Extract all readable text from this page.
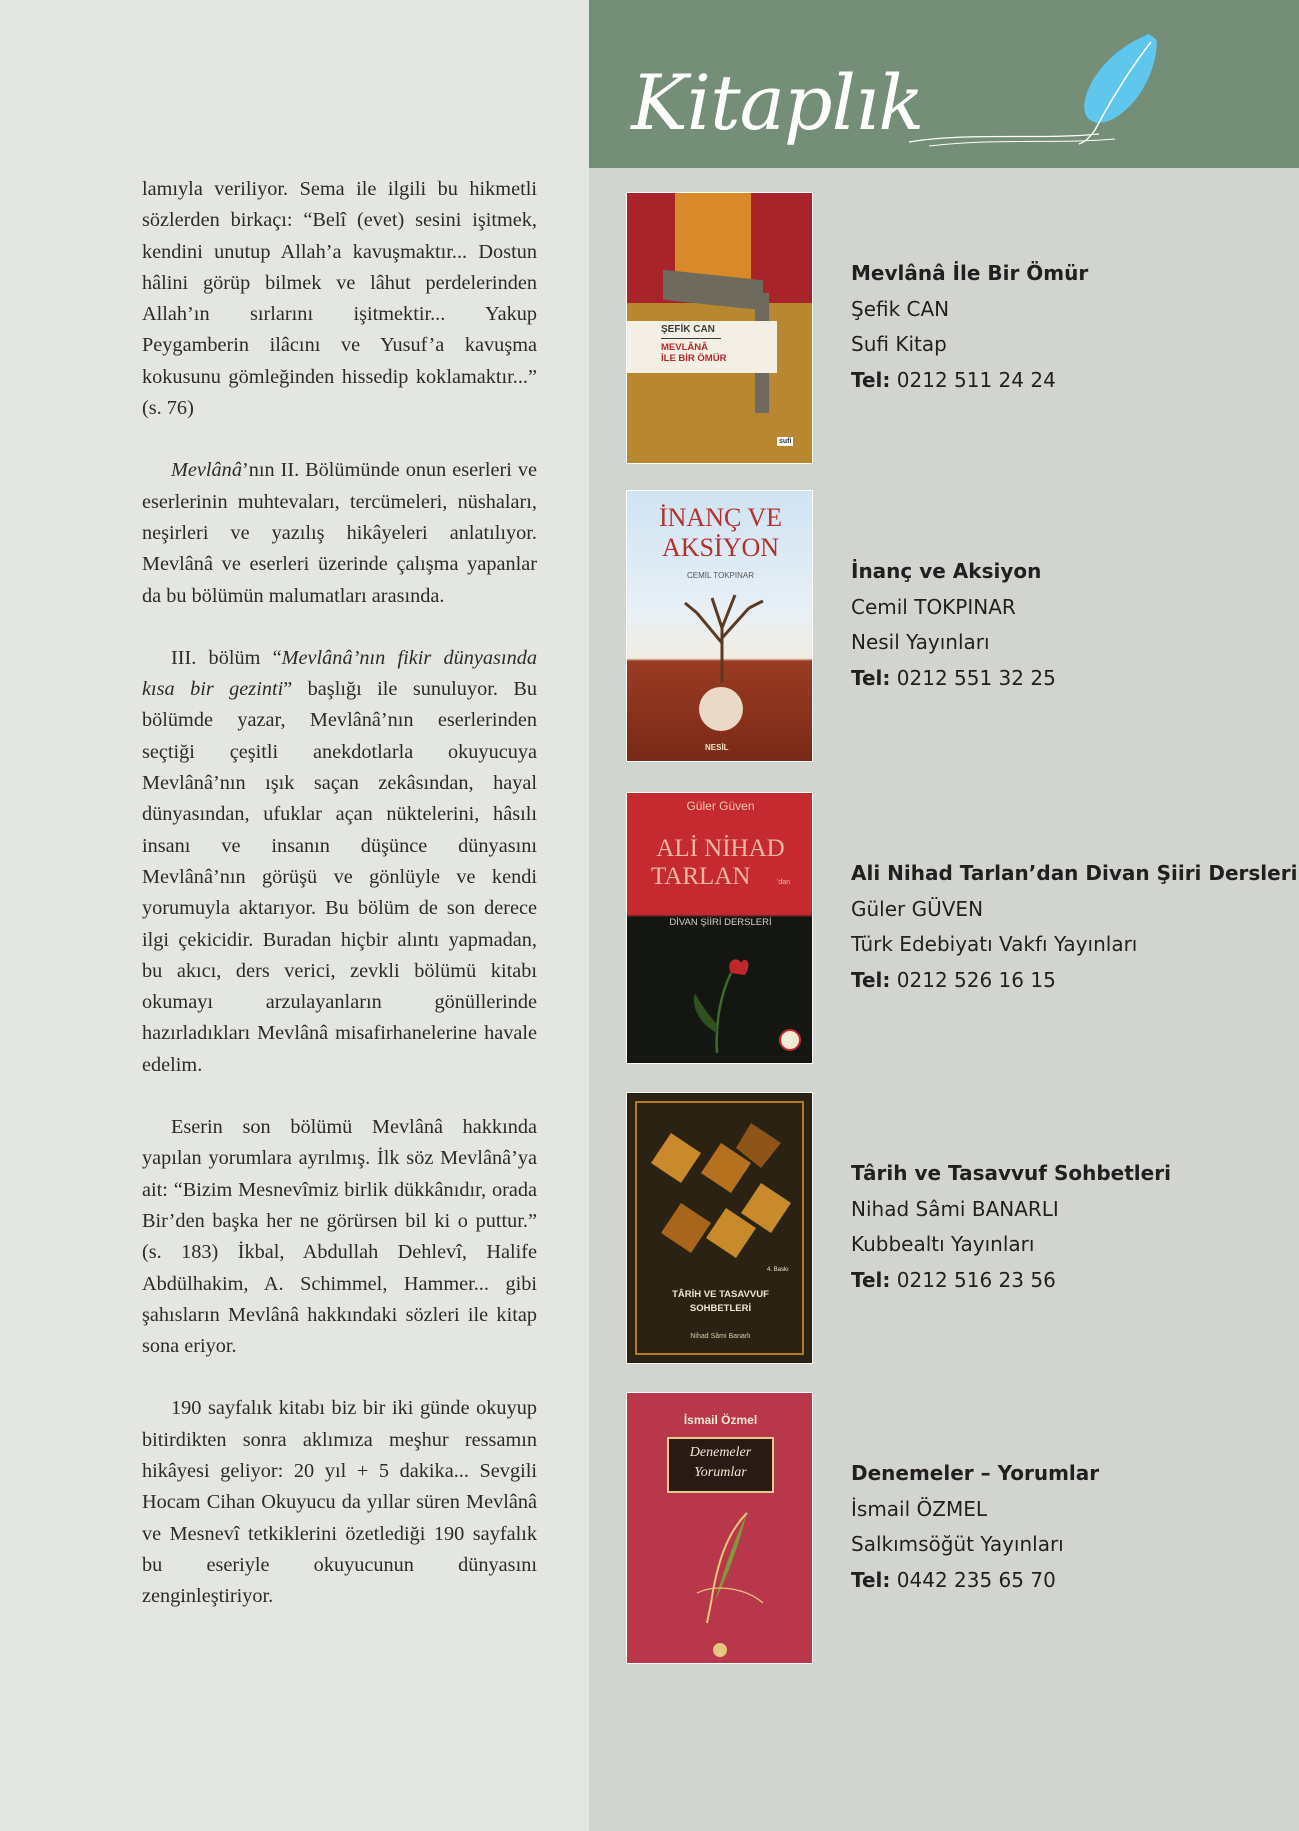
lamıyla veriliyor. Sema ile ilgili bu hikmetli sözlerden birkaçı: “Belî (evet) sesini işitmek, kendini unutup Allah’a kavuşmaktır... Dostun hâlini görüp bilmek ve lâhut perdelerinden Allah’ın sırlarını işitmektir... Yakup Peygamberin ilâcını ve Yusuf’a kavuşma kokusunu gömleğinden hissedip koklamaktır...” (s. 76)

Mevlânâ’nın II. Bölümünde onun eserleri ve eserlerinin muhtevaları, tercümeleri, nüshaları, neşirleri ve yazılış hikâyeleri anlatılıyor. Mevlânâ ve eserleri üzerinde çalışma yapanlar da bu bölümün malumatları arasında.

III. bölüm “Mevlânâ’nın fikir dünyasında kısa bir gezinti” başlığı ile sunuluyor. Bu bölümde yazar, Mevlânâ’nın eserlerinden seçtiği çeşitli anekdotlarla okuyucuya Mevlânâ’nın ışık saçan zekâsından, hayal dünyasından, ufuklar açan nüktelerini, hâsılı insanı ve insanın düşünce dünyasını Mevlânâ’nın görüşü ve gönlüyle ve kendi yorumuyla aktarıyor. Bu bölüm de son derece ilgi çekicidir. Buradan hiçbir alıntı yapmadan, bu akıcı, ders verici, zevkli bölümü kitabı okumayı arzulayanların gönüllerinde hazırladıkları Mevlânâ misafirhanelerine havale edelim.

Eserin son bölümü Mevlânâ hakkında yapılan yorumlara ayrılmış. İlk söz Mevlânâ’ya ait: “Bizim Mesnevîmiz birlik dükkânıdır, orada Bir’den başka her ne görürsen bil ki o puttur.” (s. 183) İkbal, Abdullah Dehlevî, Halife Abdülhakim, A. Schimmel, Hammer... gibi şahısların Mevlânâ hakkındaki sözleri ile kitap sona eriyor.

190 sayfalık kitabı biz bir iki günde okuyup bitirdikten sonra aklımıza meşhur ressamın hikâyesi geliyor: 20 yıl + 5 dakika... Sevgili Hocam Cihan Okuyucu da yıllar süren Mevlânâ ve Mesnevî tetkiklerini özetlediği 190 sayfalık bu eseriyle okuyucunun dünyasını zenginleştiriyor.

Kitaplık
ŞEFİK CAN
MEVLÂNÂ
İLE BİR ÖMÜR
sufi
Mevlânâ İle Bir Ömür
Şefik CAN
Sufi Kitap
Tel: 0212 511 24 24
İNANÇ VE
AKSİYON
CEMİL TOKPINAR
NESİL
İnanç ve Aksiyon
Cemil TOKPINAR
Nesil Yayınları
Tel: 0212 551 32 25
Güler Güven
ALİ NİHAD
TARLAN	'dan
DİVAN ŞİİRİ DERSLERİ
Ali Nihad Tarlan’dan Divan Şiiri Dersleri
Güler GÜVEN
Türk Edebiyatı Vakfı Yayınları
Tel: 0212 526 16 15
TÂRİH VE TASAVVUF
SOHBETLERİ
Nihad Sâmi Banarlı
4. Baskı
Târih ve Tasavvuf Sohbetleri
Nihad Sâmi BANARLI
Kubbealtı Yayınları
Tel: 0212 516 23 56
İsmail Özmel
Denemeler
Yorumlar	Denemeler – Yorumlar
İsmail ÖZMEL
Salkımsöğüt Yayınları
Tel: 0442 235 65 70
